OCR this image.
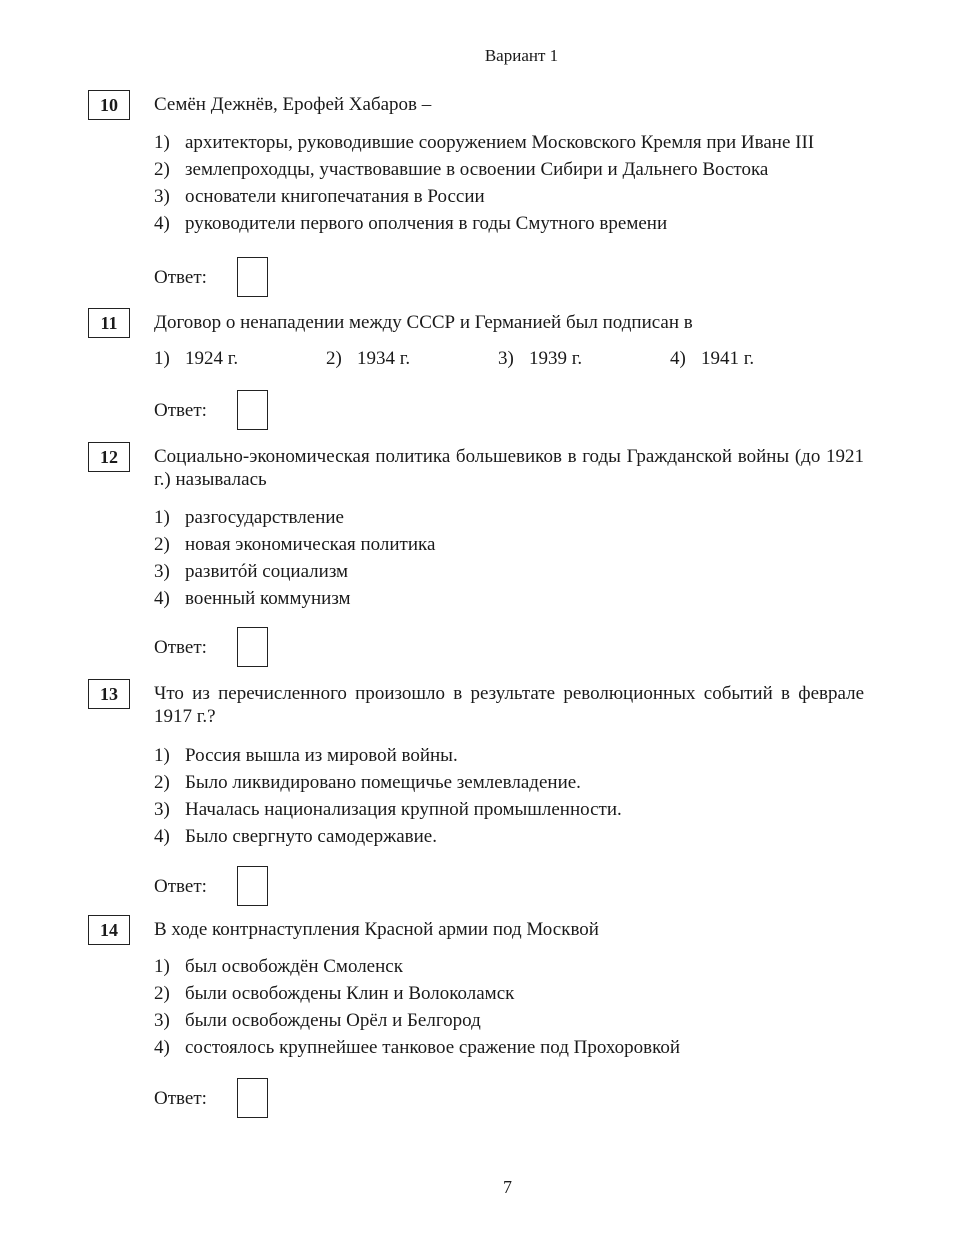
Вариант 1
10	Семён Дежнёв, Ерофей Хабаров –
1) архитекторы, руководившие сооружением Московского Кремля при Иване III
2) землепроходцы, участвовавшие в освоении Сибири и Дальнего Востока
3) основатели книгопечатания в России
4) руководители первого ополчения в годы Смутного времени
Ответ:
11	Договор о ненападении между СССР и Германией был подписан в
1) 1924 г.	2) 1934 г.	3) 1939 г.	4) 1941 г.
Ответ:
12	Социально-экономическая политика большевиков в годы Гражданской войны (до 1921 г.) называлась
1) разгосударствление
2) новая экономическая политика
3) развитóй социализм
4) военный коммунизм
Ответ:
13	Что из перечисленного произошло в результате революционных событий в феврале 1917 г.?
1) Россия вышла из мировой войны.
2) Было ликвидировано помещичье землевладение.
3) Началась национализация крупной промышленности.
4) Было свергнуто самодержавие.
Ответ:
14	В ходе контрнаступления Красной армии под Москвой
1) был освобождён Смоленск
2) были освобождены Клин и Волоколамск
3) были освобождены Орёл и Белгород
4) состоялось крупнейшее танковое сражение под Прохоровкой
Ответ:
7
